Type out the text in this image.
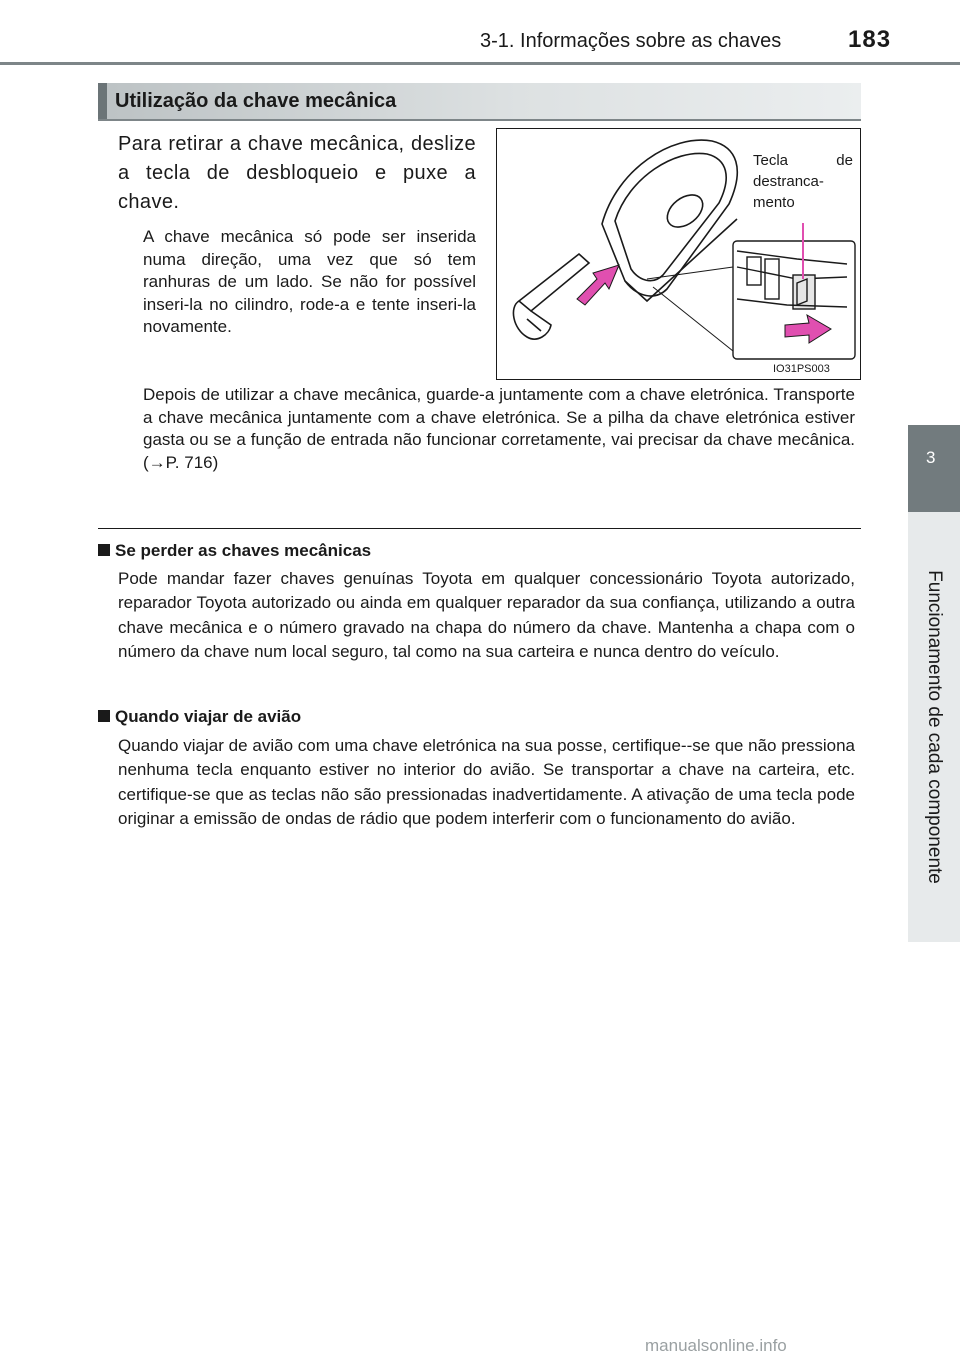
3-1. Informações sobre as chaves	183
3
Funcionamento de cada componente
Utilização da chave mecânica
Para retirar a chave mecânica, deslize a tecla de desbloqueio e puxe a chave.
A chave mecânica só pode ser inserida numa direção, uma vez que só tem ranhuras de um lado. Se não for possível inseri-la no cilindro, rode-a e tente inseri-la novamente.
Tecla de destranca-mento
IO31PS003
Depois de utilizar a chave mecânica, guarde-a juntamente com a chave eletrónica. Transporte a chave mecânica juntamente com a chave eletrónica. Se a pilha da chave eletrónica estiver gasta ou se a função de entrada não funcionar corretamente, vai precisar da chave mecânica. (→P. 716)
Se perder as chaves mecânicas
Pode mandar fazer chaves genuínas Toyota em qualquer concessionário Toyota autorizado, reparador Toyota autorizado ou ainda em qualquer reparador da sua confiança, utilizando a outra chave mecânica e o número gravado na chapa do número da chave. Mantenha a chapa com o número da chave num local seguro, tal como na sua carteira e nunca dentro do veículo.
Quando viajar de avião
Quando viajar de avião com uma chave eletrónica na sua posse, certifique--se que não pressiona nenhuma tecla enquanto estiver no interior do avião. Se transportar a chave na carteira, etc. certifique-se que as teclas não são pressionadas inadvertidamente. A ativação de uma tecla pode originar a emissão de ondas de rádio que podem interferir com o funcionamento do avião.
manualsonline.info
